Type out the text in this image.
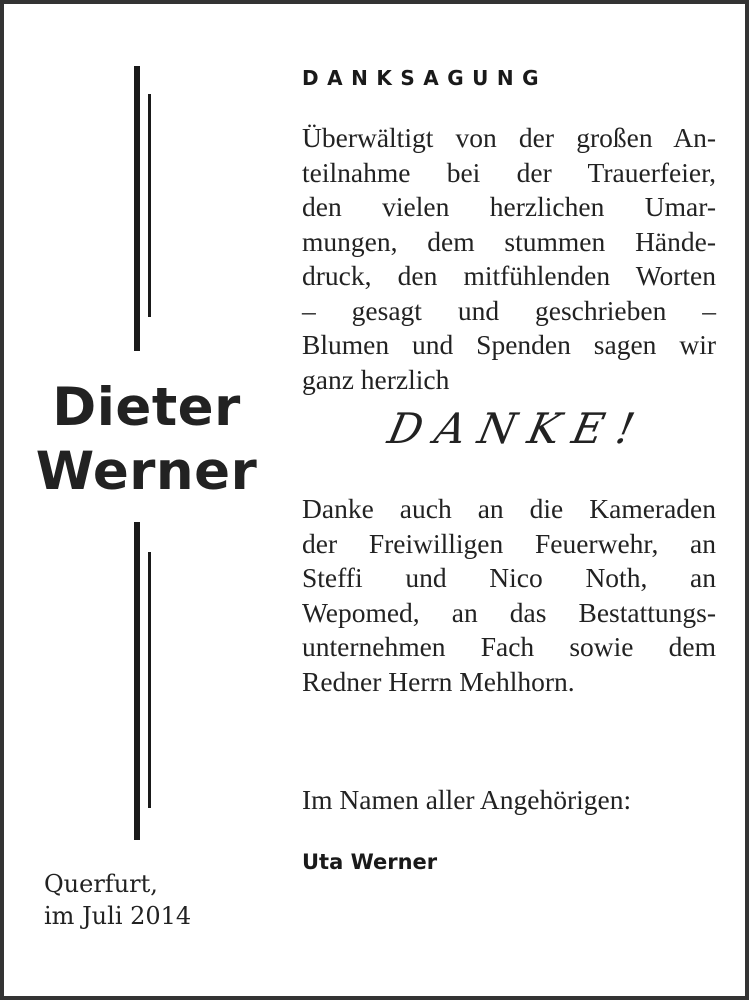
Dieter
Werner
Querfurt,
im Juli 2014
DANKSAGUNG
Überwältigt von der großen An-
teilnahme bei der Trauerfeier,
den vielen herzlichen Umar-
mungen, dem stummen Hände-
druck, den mitfühlenden Worten
– gesagt und geschrieben –
Blumen und Spenden sagen wir
ganz herzlich
DANKE!
Danke auch an die Kameraden
der Freiwilligen Feuerwehr, an
Steffi und Nico Noth, an
Wepomed, an das Bestattungs-
unternehmen Fach sowie dem
Redner Herrn Mehlhorn.
Im Namen aller Angehörigen:
Uta Werner
